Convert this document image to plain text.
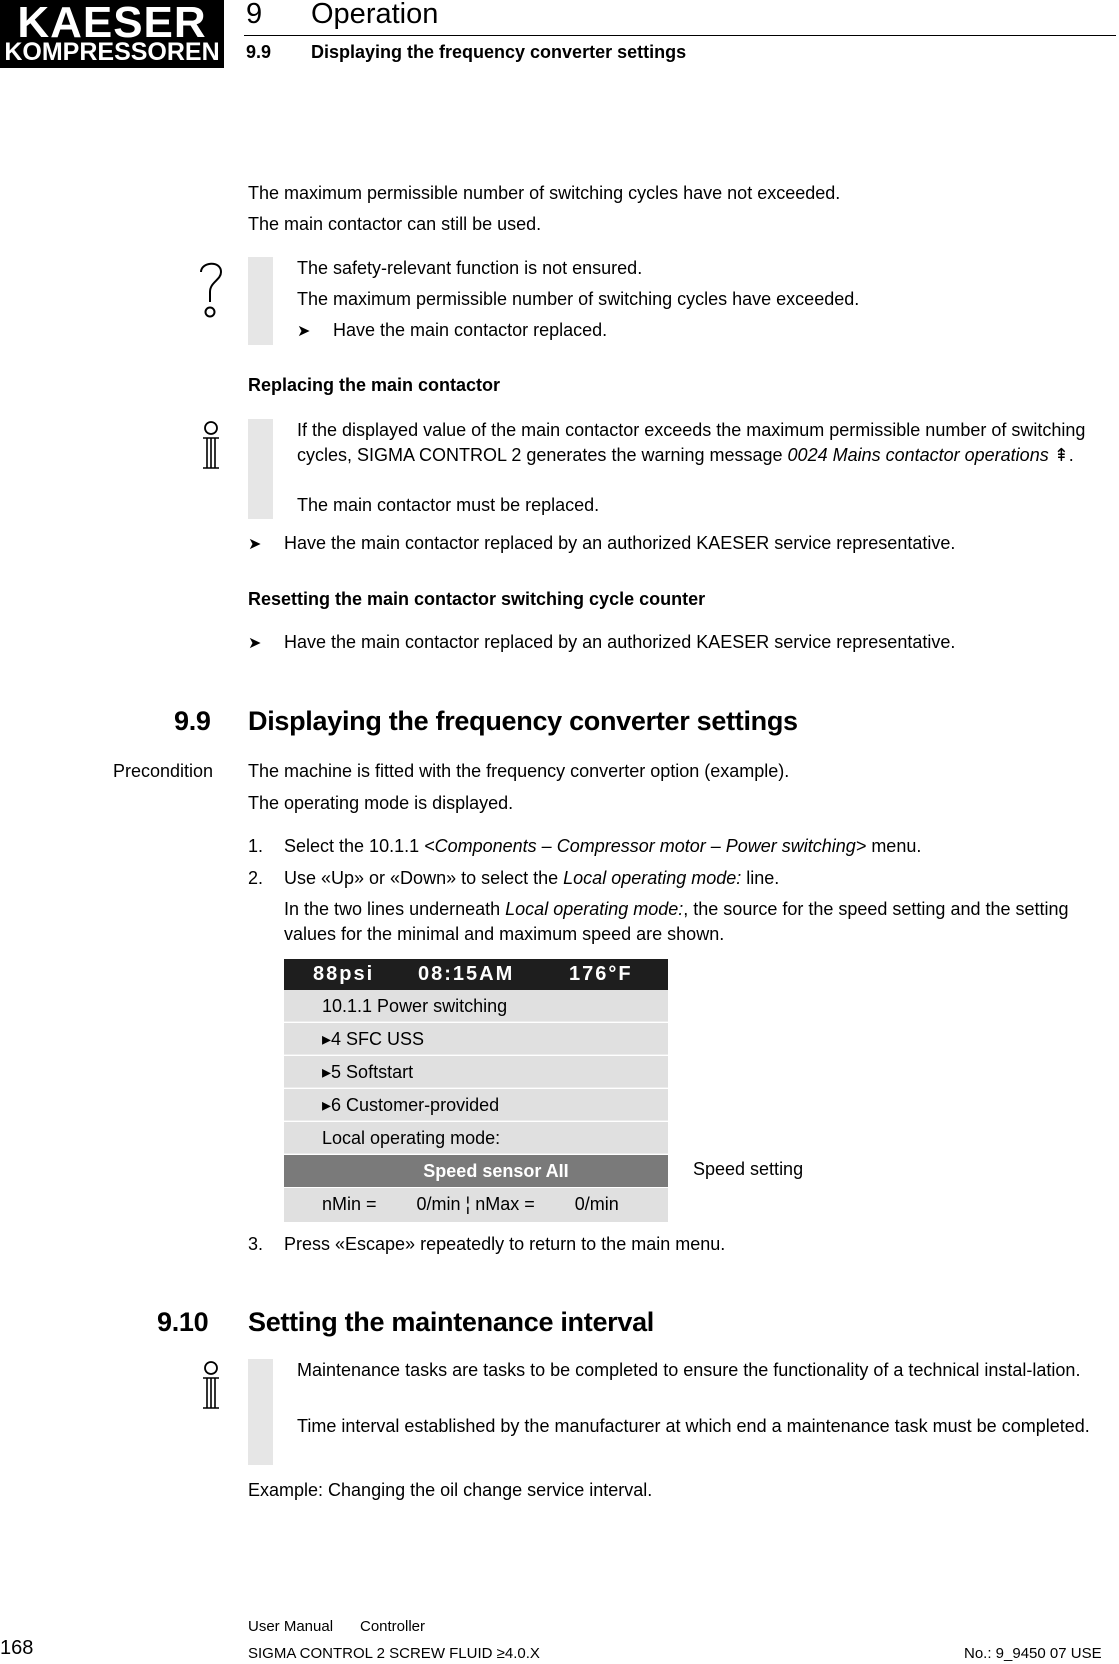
KAESER
KOMPRESSOREN
9 Operation
9.9 Displaying the frequency converter settings
The maximum permissible number of switching cycles have not exceeded.
The main contactor can still be used.
The safety-relevant function is not ensured.
The maximum permissible number of switching cycles have exceeded.
➤ Have the main contactor replaced.
Replacing the main contactor
If the displayed value of the main contactor exceeds the maximum permissible number of switching cycles, SIGMA CONTROL 2 generates the warning message 0024 Mains contactor operations ⇞.
The main contactor must be replaced.
➤ Have the main contactor replaced by an authorized KAESER service representative.
Resetting the main contactor switching cycle counter
➤ Have the main contactor replaced by an authorized KAESER service representative.
9.9 Displaying the frequency converter settings
Precondition The machine is fitted with the frequency converter option (example).
The operating mode is displayed.
1. Select the 10.1.1 <Components – Compressor motor – Power switching> menu.
2. Use «Up» or «Down» to select the Local operating mode: line.
In the two lines underneath Local operating mode:, the source for the speed setting and the setting values for the minimal and maximum speed are shown.
88psi 08:15AM	176°F
10.1.1 Power switching
▸4 SFC USS
▸5 Softstart
▸6 Customer-provided
Local operating mode:
Speed sensor AII
nMin =        0/min ¦ nMax =        0/min
Speed setting
3. Press «Escape» repeatedly to return to the main menu.
9.10 Setting the maintenance interval
Maintenance tasks are tasks to be completed to ensure the functionality of a technical instal-lation.
Time interval established by the manufacturer at which end a maintenance task must be completed.
Example: Changing the oil change service interval.
168
User Manual Controller
SIGMA CONTROL 2 SCREW FLUID ≥4.0.X	No.: 9_9450 07 USE
